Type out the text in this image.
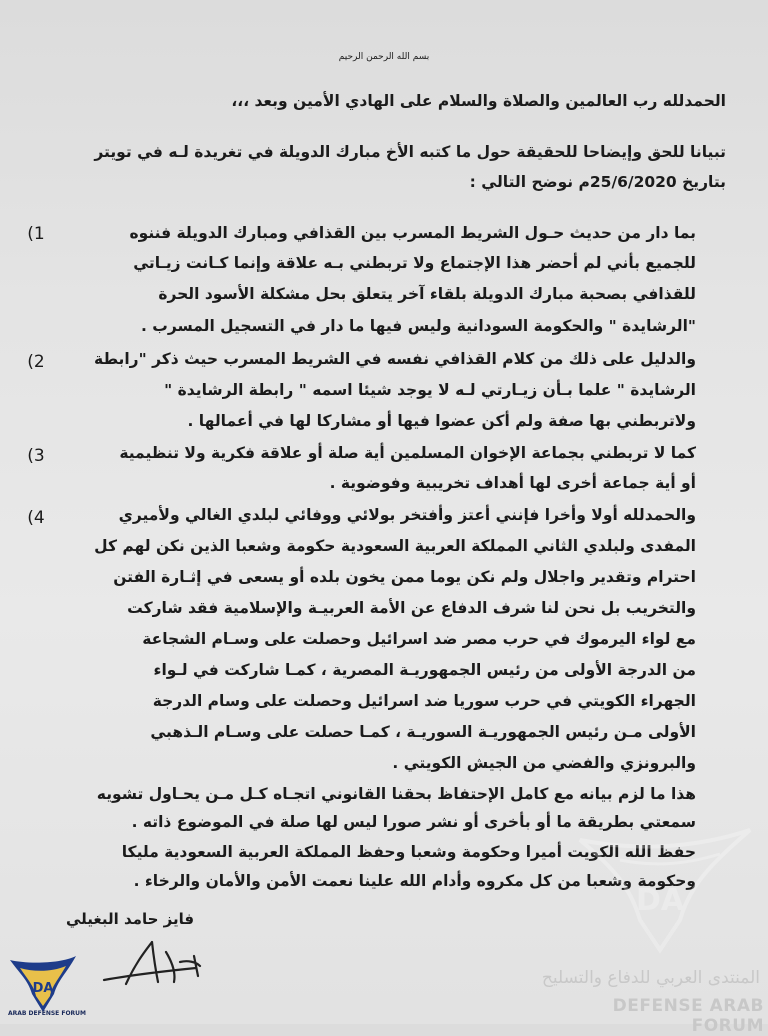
بسم الله الرحمن الرحيم
الحمدلله رب العالمين والصلاة والسلام على الهادي الأمين وبعد ،،،
تبيانا للحق وإيضاحا للحقيقة حول ما كتبه الأخ مبارك الدويلة في تغريدة لـه في تويتر
بتاريخ 25/6/2020م نوضح التالي :
(1	بما دار من حديث حـول الشريط المسرب بين القذافي ومبارك الدويلة فننوه
للجميع بأني لم أحضر هذا الإجتماع ولا تربطني بـه علاقة وإنما كـانت زيـاتي
للقذافي بصحبة مبارك الدويلة بلقاء آخر يتعلق بحل مشكلة الأسود الحرة
"الرشايدة " والحكومة السودانية وليس فيها ما دار في التسجيل المسرب .
(2	والدليل على ذلك من كلام القذافي نفسه في الشريط المسرب حيث ذكر "رابطة
الرشايدة " علما بـأن زيـارتي لـه لا يوجد شيئا اسمه " رابطة الرشايدة "
ولاتربطني بها صفة ولم أكن عضوا فيها أو مشاركا لها في أعمالها .
(3	كما لا تربطني بجماعة الإخوان المسلمين أية صلة أو علاقة فكرية ولا تنظيمية
أو أية جماعة أخرى لها أهداف تخريبية وفوضوية .
(4	والحمدلله أولا وأخرا فإنني أعتز وأفتخر بولائي ووفائي لبلدي الغالي ولأميري
المفدى ولبلدي الثاني المملكة العربية السعودية حكومة وشعبا الذين نكن لهم كل
احترام وتقدير واجلال ولم نكن يوما ممن يخون بلده أو يسعى في إثـارة الفتن
والتخريب بل نحن لنا شرف الدفاع عن الأمة العربيـة والإسلامية فقد شاركت
مع لواء اليرموك في حرب مصر ضد اسرائيل وحصلت على وسـام الشجاعة
من الدرجة الأولى من رئيس الجمهوريـة المصرية ، كمـا شاركت في لـواء
الجهراء الكويتي في حرب سوريا ضد اسرائيل وحصلت على وسام الدرجة
الأولى مـن رئيس الجمهوريـة السوريـة ، كمـا حصلت على وسـام الـذهبي
والبرونزي والفضي من الجيش الكويتي .
هذا ما لزم بيانه مع كامل الإحتفاظ بحقنا القانوني اتجـاه كـل مـن يحـاول تشويه
سمعتي بطريقة ما أو بأخرى أو نشر صورا ليس لها صلة في الموضوع ذاته .
حفظ الله الكويت أميرا وحكومة وشعبا وحفظ المملكة العربية السعودية مليكا
وحكومة وشعبا من كل مكروه وأدام الله علينا نعمت الأمن والأمان والرخاء .
فايز حامد البغيلي
DA
المنتدى العربي للدفاع والتسليح
DEFENSE ARAB FORUM
DA
ARAB DEFENSE FORUM
